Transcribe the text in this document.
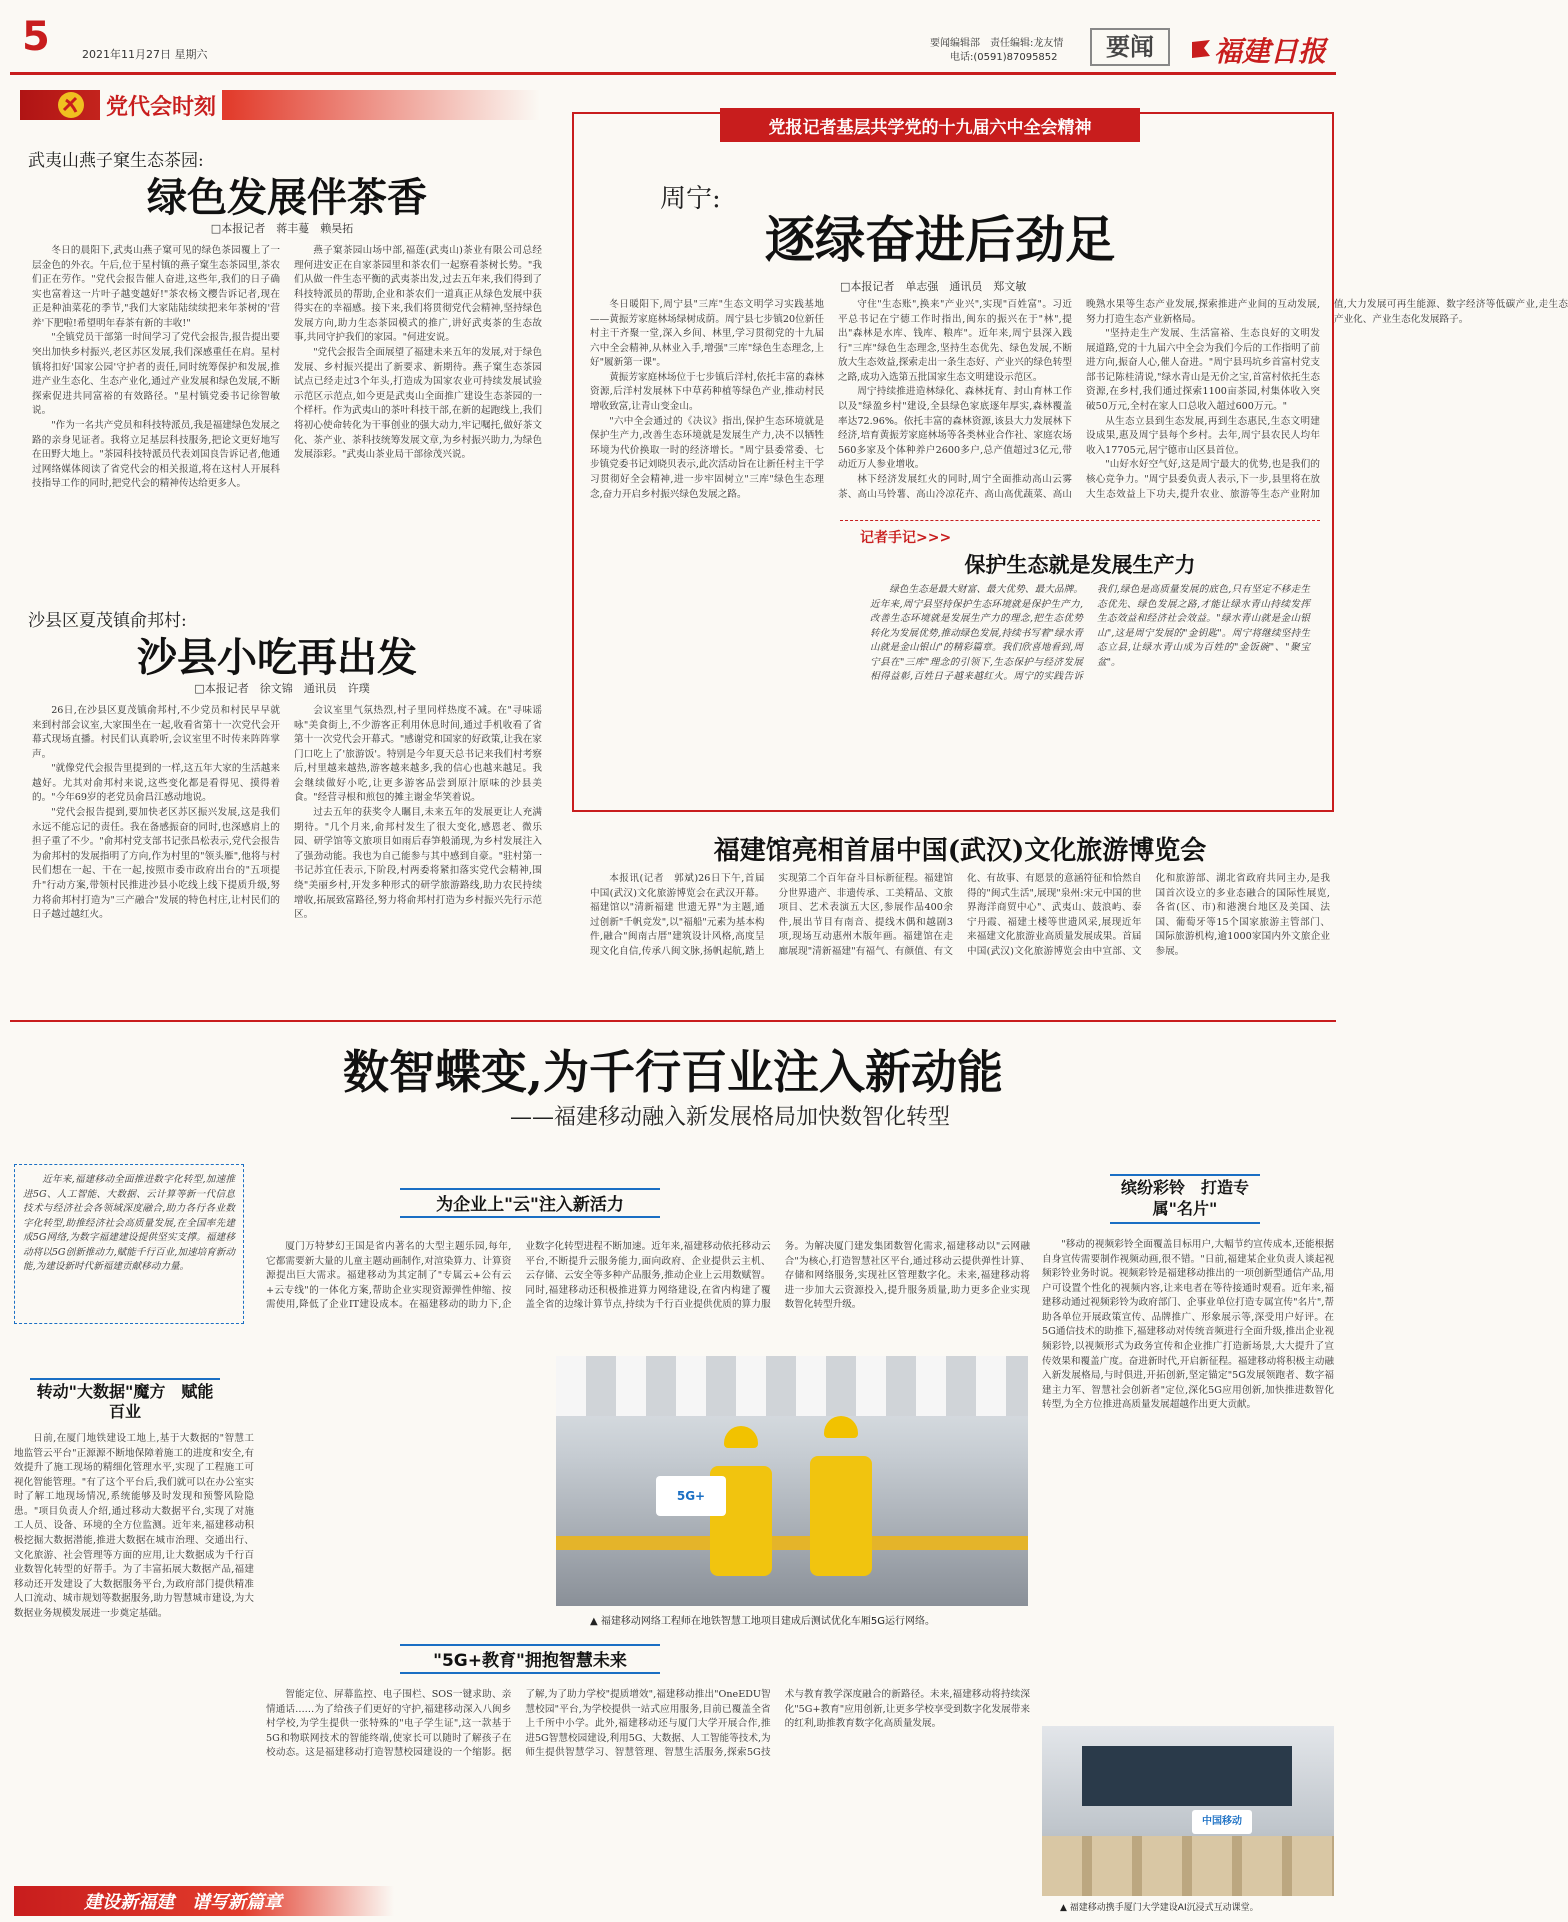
5	2021年11月27日 星期六
要闻编辑部　责任编辑:龙友情
电话:(0591)87095852	要闻	福建日报
党代会时刻
武夷山燕子窠生态茶园:
绿色发展伴茶香
□本报记者　蒋丰蔓　赖昊拓

冬日的晨阳下,武夷山燕子窠可见的绿色茶园覆上了一层金色的外衣。午后,位于星村镇的燕子窠生态茶园里,茶农们正在劳作。"党代会报告催人奋进,这些年,我们的日子确实也富着这一片叶子越变越好!"茶农杨文樱告诉记者,现在正是种油菜花的季节,"我们大家陆陆续续把来年茶树的'营养'下肥啦!希望明年春茶有新的丰收!"

"全镇党员干部第一时间学习了党代会报告,报告提出要突出加快乡村振兴,老区苏区发展,我们深感重任在肩。星村镇将扣好'国家公园'守护者的责任,同时统筹保护和发展,推进产业生态化、生态产业化,通过产业发展和绿色发展,不断探索促进共同富裕的有效路径。"星村镇党委书记徐智敏说。

"作为一名共产党员和科技特派员,我是福建绿色发展之路的亲身见证者。我将立足基层科技服务,把论文更好地写在田野大地上。"茶园科技特派员代表刘国良告诉记者,他通过网络媒体阅读了省党代会的相关报道,将在这村人开展科技指导工作的同时,把党代会的精神传达给更多人。

燕子窠茶园山场中部,福莲(武夷山)茶业有限公司总经理何进安正在自家茶园里和茶农们一起察看茶树长势。"我们从做一件生态平衡的武夷茶出发,过去五年来,我们得到了科技特派员的帮助,企业和茶农们一道真正从绿色发展中获得实在的幸福感。接下来,我们将贯彻党代会精神,坚持绿色发展方向,助力生态茶园模式的推广,讲好武夷茶的生态故事,共同守护我们的家园。"何进安说。

"党代会报告全面展望了福建未来五年的发展,对于绿色发展、乡村振兴提出了新要求、新期待。燕子窠生态茶园试点已经走过3个年头,打造成为国家农业可持续发展试验示范区示范点,如今更是武夷山全面推广建设生态茶园的一个样杆。作为武夷山的茶叶科技干部,在新的起跑线上,我们将初心使命转化为干事创业的强大动力,牢记嘱托,做好茶文化、茶产业、茶科技统筹发展文章,为乡村振兴助力,为绿色发展添彩。"武夷山茶业局干部徐茂兴说。

沙县区夏茂镇俞邦村:
沙县小吃再出发
□本报记者　徐文锦　通讯员　许璞

26日,在沙县区夏茂镇俞邦村,不少党员和村民早早就来到村部会议室,大家围坐在一起,收看省第十一次党代会开幕式现场直播。村民们认真聆听,会议室里不时传来阵阵掌声。

"就像党代会报告里提到的一样,这五年大家的生活越来越好。尤其对俞邦村来说,这些变化都是看得见、摸得着的。"今年69岁的老党员俞昌江感动地说。

"党代会报告提到,要加快老区苏区振兴发展,这是我们永远不能忘记的责任。我在备感振奋的同时,也深感肩上的担子重了不少。"俞邦村党支部书记张昌松表示,党代会报告为俞邦村的发展指明了方向,作为村里的"领头雁",他将与村民们想在一起、干在一起,按照市委市政府出台的"五项提升"行动方案,带领村民推进沙县小吃线上线下提质升级,努力将俞邦村打造为"三产融合"发展的特色村庄,让村民们的日子越过越红火。

会议室里气氛热烈,村子里同样热度不减。在"寻味谣咏"美食街上,不少游客正利用休息时间,通过手机收看了省第十一次党代会开幕式。"感谢党和国家的好政策,让我在家门口吃上了'旅游饭'。特别是今年夏天总书记来我们村考察后,村里越来越热,游客越来越多,我的信心也越来越足。我会继续做好小吃,让更多游客品尝到原汁原味的沙县美食。"经营寻根和煎包的摊主谢金华笑着说。

过去五年的获奖令人瞩目,未来五年的发展更让人充满期待。"几个月来,俞邦村发生了很大变化,感恩老、微乐园、研学馆等文旅项目如雨后春笋般涌现,为乡村发展注入了强劲动能。我也为自己能参与其中感到自豪。"驻村第一书记苏宜任表示,下阶段,村两委将紧扣落实党代会精神,围绕"美丽乡村,开发多种形式的研学旅游路线,助力农民持续增收,拓展致富路径,努力将俞邦村打造为乡村振兴先行示范区。

党报记者基层共学党的十九届六中全会精神
周宁:
逐绿奋进后劲足
□本报记者　单志强　通讯员　郑文敏

冬日暖阳下,周宁县"三库"生态文明学习实践基地——黄振芳家庭林场绿树成荫。周宁县七步镇20位新任村主干齐聚一堂,深入乡间、林里,学习贯彻党的十九届六中全会精神,从林业入手,增强"三库"绿色生态理念,上好"履新第一课"。

黄振芳家庭林场位于七步镇后洋村,依托丰富的森林资源,后洋村发展林下中草药种植等绿色产业,推动村民增收致富,让青山变金山。

"六中全会通过的《决议》指出,保护生态环境就是保护生产力,改善生态环境就是发展生产力,决不以牺牲环境为代价换取一时的经济增长。"周宁县委常委、七步镇党委书记刘晓贝表示,此次活动旨在让新任村主干学习贯彻好全会精神,进一步牢固树立"三库"绿色生态理念,奋力开启乡村振兴绿色发展之路。

守住"生态账",换来"产业兴",实现"百姓富"。习近平总书记在宁德工作时指出,闽东的振兴在于"林",提出"森林是水库、钱库、粮库"。近年来,周宁县深入践行"三库"绿色生态理念,坚持生态优先、绿色发展,不断放大生态效益,探索走出一条生态好、产业兴的绿色转型之路,成功入选第五批国家生态文明建设示范区。

周宁持续推进造林绿化、森林抚育、封山育林工作以及"绿盈乡村"建设,全县绿色家底逐年厚实,森林覆盖率达72.96%。依托丰富的森林资源,该县大力发展林下经济,培育黄振芳家庭林场等各类林业合作社、家庭农场560多家及个体种养户2600多户,总产值超过3亿元,带动近万人参业增收。

林下经济发展红火的同时,周宁全面推动高山云雾茶、高山马铃薯、高山冷凉花卉、高山高优蔬菜、高山晚熟水果等生态产业发展,探索推进产业间的互动发展,努力打造生态产业新格局。

"坚持走生产发展、生活富裕、生态良好的文明发展道路,党的十九届六中全会为我们今后的工作指明了前进方向,振奋人心,催人奋进。"周宁县玛坑乡首富村党支部书记陈桂清说,"绿水青山是无价之宝,首富村依托生态资源,在乡村,我们通过探索1100亩茶园,村集体收入突破50万元,全村在家人口总收入超过600万元。"

从生态立县到生态发展,再到生态惠民,生态文明建设成果,惠及周宁县每个乡村。去年,周宁县农民人均年收入17705元,居宁德市山区县首位。

"山好水好空气好,这是周宁最大的优势,也是我们的核心竞争力。"周宁县委负责人表示,下一步,县里将在放大生态效益上下功夫,提升农业、旅游等生态产业附加值,大力发展可再生能源、数字经济等低碳产业,走生态产业化、产业生态化发展路子。

记者手记>>>
保护生态就是发展生产力
绿色生态是最大财富、最大优势、最大品牌。近年来,周宁县坚持保护生态环境就是保护生产力,改善生态环境就是发展生产力的理念,把生态优势转化为发展优势,推动绿色发展,持续书写着"绿水青山就是金山银山"的精彩篇章。我们欣喜地看到,周宁县在"三库"理念的引领下,生态保护与经济发展相得益彰,百姓日子越来越红火。周宁的实践告诉我们,绿色是高质量发展的底色,只有坚定不移走生态优先、绿色发展之路,才能让绿水青山持续发挥生态效益和经济社会效益。"绿水青山就是金山银山",这是周宁发展的"金钥匙"。周宁将继续坚持生态立县,让绿水青山成为百姓的"金饭碗"、"聚宝盆"。
福建馆亮相首届中国(武汉)文化旅游博览会
本报讯(记者　郭斌)26日下午,首届中国(武汉)文化旅游博览会在武汉开幕。福建馆以"清新福建 世遗无界"为主题,通过创新"千帆竞发",以"福船"元素为基本构件,融合"闽南古厝"建筑设计风格,高度呈现文化自信,传承八闽文脉,扬帆起航,踏上实现第二个百年奋斗目标新征程。福建馆分世界遗产、非遗传承、工美精品、文旅项目、艺术表演五大区,参展作品400余件,展出节目有南音、提线木偶和越剧3项,现场互动惠州木版年画。福建馆在走廊展现"清新福建"有福气、有颜值、有文化、有故事、有愿景的意涵符征和恰然自得的"闽式生活",展现"泉州:宋元中国的世界海洋商贸中心"、武夷山、鼓浪屿、泰宁丹霞、福建土楼等世遗风采,展现近年来福建文化旅游业高质量发展成果。首届中国(武汉)文化旅游博览会由中宣部、文化和旅游部、湖北省政府共同主办,是我国首次设立的多业态融合的国际性展览,各省(区、市)和港澳台地区及美国、法国、葡萄牙等15个国家旅游主管部门、国际旅游机构,逾1000家国内外文旅企业参展。
数智蝶变,为千行百业注入新动能
——福建移动融入新发展格局加快数智化转型
近年来,福建移动全面推进数字化转型,加速推进5G、人工智能、大数据、云计算等新一代信息技术与经济社会各领域深度融合,助力各行各业数字化转型,助推经济社会高质量发展,在全国率先建成5G网络,为数字福建建设提供坚实支撑。福建移动将以5G创新推动力,赋能千行百业,加速培育新动能,为建设新时代新福建贡献移动力量。
转动"大数据"魔方　赋能百业
日前,在厦门地铁建设工地上,基于大数据的"智慧工地监管云平台"正源源不断地保障着施工的进度和安全,有效提升了施工现场的精细化管理水平,实现了工程施工可视化智能管理。"有了这个平台后,我们就可以在办公室实时了解工地现场情况,系统能够及时发现和预警风险隐患。"项目负责人介绍,通过移动大数据平台,实现了对施工人员、设备、环境的全方位监测。近年来,福建移动积极挖掘大数据潜能,推进大数据在城市治理、交通出行、文化旅游、社会管理等方面的应用,让大数据成为千行百业数智化转型的好帮手。为了丰富拓展大数据产品,福建移动还开发建设了大数据服务平台,为政府部门提供精准人口流动、城市规划等数据服务,助力智慧城市建设,为大数据业务规模发展进一步奠定基础。
为企业上"云"注入新活力
厦门万特梦幻王国是省内著名的大型主题乐园,每年,它都需要新大量的儿童主题动画制作,对渲染算力、计算资源提出巨大需求。福建移动为其定制了"专属云+公有云+云专线"的一体化方案,帮助企业实现资源弹性伸缩、按需使用,降低了企业IT建设成本。在福建移动的助力下,企业数字化转型进程不断加速。近年来,福建移动依托移动云平台,不断提升云服务能力,面向政府、企业提供云主机、云存储、云安全等多种产品服务,推动企业上云用数赋智。同时,福建移动还积极推进算力网络建设,在省内构建了覆盖全省的边缘计算节点,持续为千行百业提供优质的算力服务。为解决厦门建发集团数智化需求,福建移动以"云网融合"为核心,打造智慧社区平台,通过移动云提供弹性计算、存储和网络服务,实现社区管理数字化。未来,福建移动将进一步加大云资源投入,提升服务质量,助力更多企业实现数智化转型升级。
5G+
▲ 福建移动网络工程师在地铁智慧工地项目建成后测试优化车厢5G运行网络。
"5G+教育"拥抱智慧未来
智能定位、屏幕监控、电子围栏、SOS一键求助、亲情通话……为了给孩子们更好的守护,福建移动深入八闽乡村学校,为学生提供一张特殊的"电子学生证",这一款基于5G和物联网技术的智能终端,使家长可以随时了解孩子在校动态。这是福建移动打造智慧校园建设的一个缩影。据了解,为了助力学校"提质增效",福建移动推出"OneEDU智慧校园"平台,为学校提供一站式应用服务,目前已覆盖全省上千所中小学。此外,福建移动还与厦门大学开展合作,推进5G智慧校园建设,利用5G、大数据、人工智能等技术,为师生提供智慧学习、智慧管理、智慧生活服务,探索5G技术与教育教学深度融合的新路径。未来,福建移动将持续深化"5G+教育"应用创新,让更多学校享受到数字化发展带来的红利,助推教育数字化高质量发展。
缤纷彩铃　打造专属"名片"
"移动的视频彩铃全面覆盖目标用户,大幅节约宣传成本,还能根据自身宣传需要制作视频动画,很不错。"日前,福建某企业负责人谈起视频彩铃业务时说。视频彩铃是福建移动推出的一项创新型通信产品,用户可设置个性化的视频内容,让来电者在等待接通时观看。近年来,福建移动通过视频彩铃为政府部门、企事业单位打造专属宣传"名片",帮助各单位开展政策宣传、品牌推广、形象展示等,深受用户好评。在5G通信技术的助推下,福建移动对传统音频进行全面升级,推出企业视频彩铃,以视频形式为政务宣传和企业推广打造新场景,大大提升了宣传效果和覆盖广度。奋进新时代,开启新征程。福建移动将积极主动融入新发展格局,与时俱进,开拓创新,坚定锚定"5G发展领跑者、数字福建主力军、智慧社会创新者"定位,深化5G应用创新,加快推进数智化转型,为全方位推进高质量发展超越作出更大贡献。
中国移动
▲ 福建移动携手厦门大学建设AI沉浸式互动课堂。
建设新福建　谱写新篇章
